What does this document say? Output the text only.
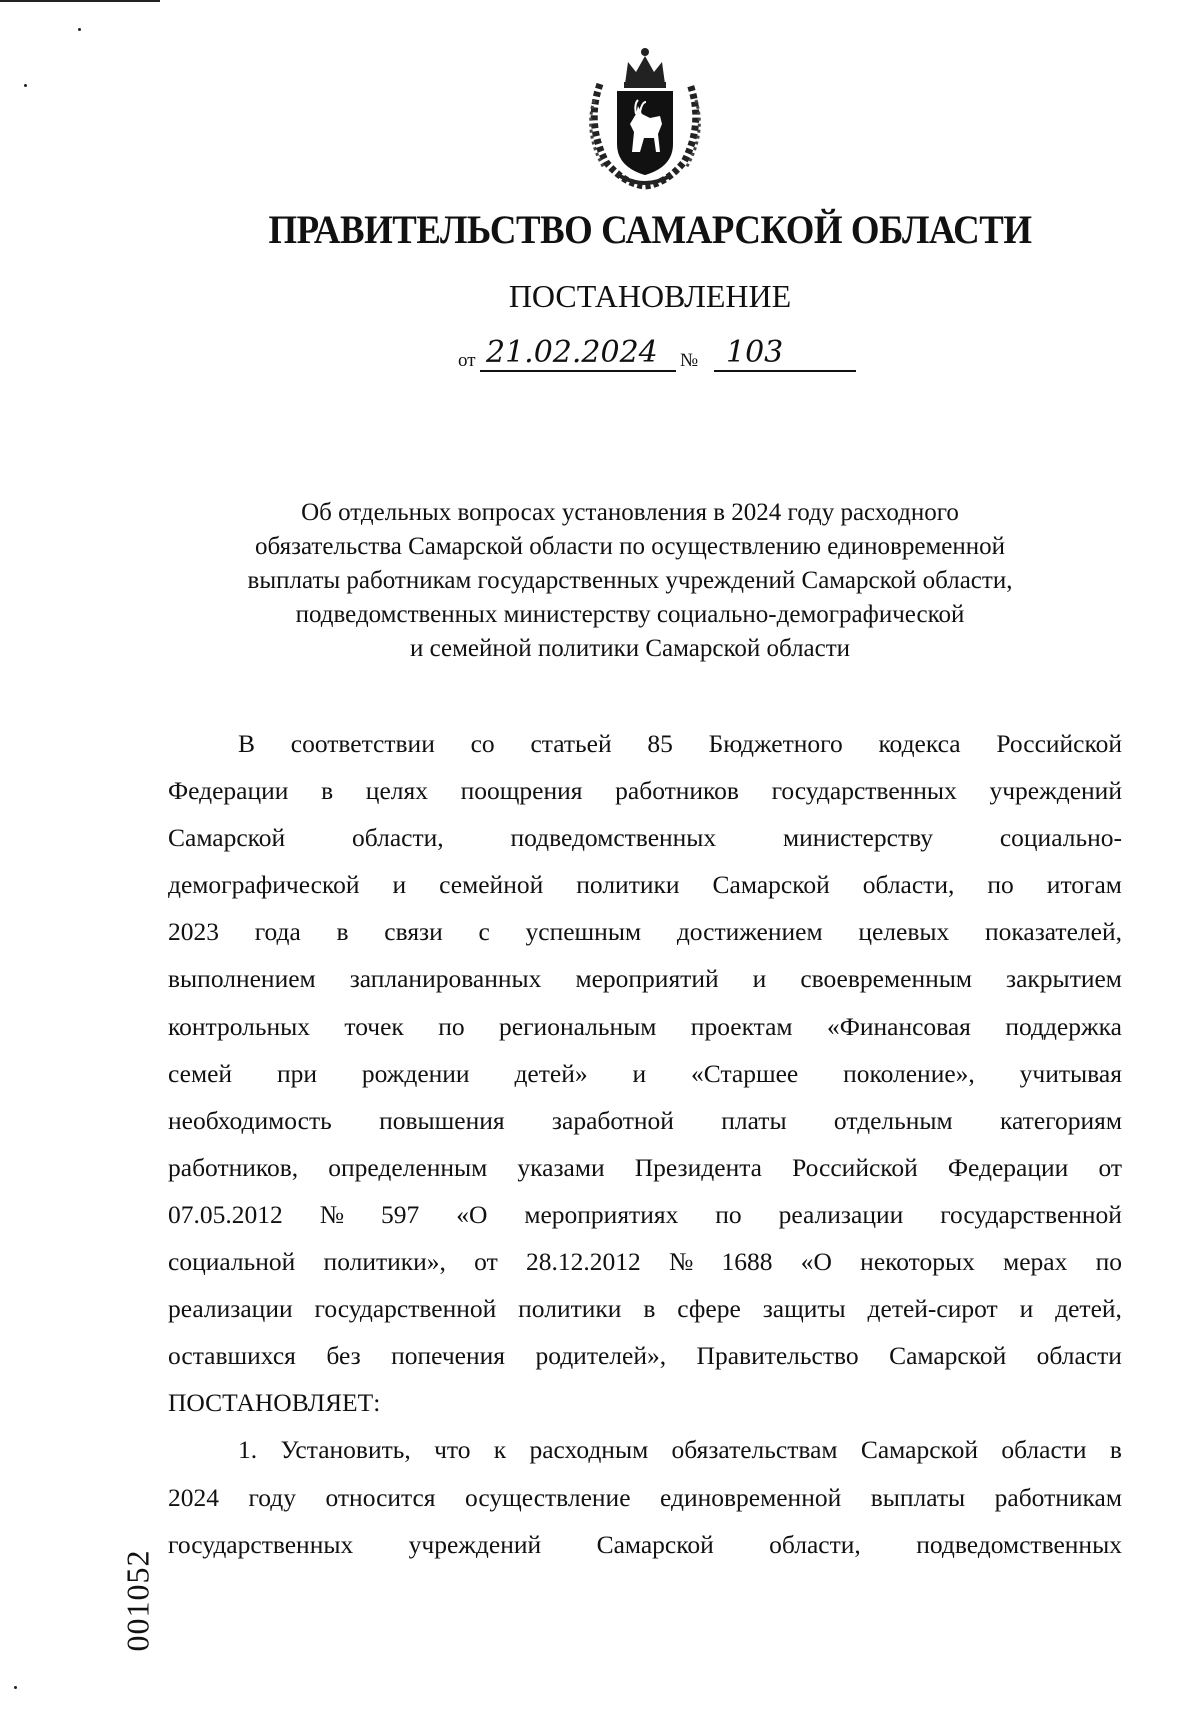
ПРАВИТЕЛЬСТВО САМАРСКОЙ ОБЛАСТИ
ПОСТАНОВЛЕНИЕ
от 21.02.2024	№ 103
Об отдельных вопросах установления в 2024 году расходного
обязательства Самарской области по осуществлению единовременной
выплаты работникам государственных учреждений Самарской области,
подведомственных министерству социально-демографической
и семейной политики Самарской области
В соответствии со статьей 85 Бюджетного кодекса Российской
Федерации в целях поощрения работников государственных учреждений
Самарской	области,	подведомственных	министерству	социально-
демографической и семейной политики Самарской области, по итогам
2023 года в связи с успешным достижением целевых показателей,
выполнением запланированных мероприятий и своевременным закрытием
контрольных точек по региональным проектам «Финансовая поддержка
семей при рождении детей» и «Старшее поколение», учитывая
необходимость повышения заработной платы отдельным категориям
работников, определенным указами Президента Российской Федерации от
07.05.2012 № 597 «О мероприятиях по реализации государственной
социальной политики», от 28.12.2012 № 1688 «О некоторых мерах по
реализации государственной политики в сфере защиты детей-сирот и детей,
оставшихся без попечения родителей», Правительство Самарской области
ПОСТАНОВЛЯЕТ:
1. Установить, что к расходным обязательствам Самарской области в
2024 году относится осуществление единовременной выплаты работникам
государственных учреждений Самарской области, подведомственных
001052
